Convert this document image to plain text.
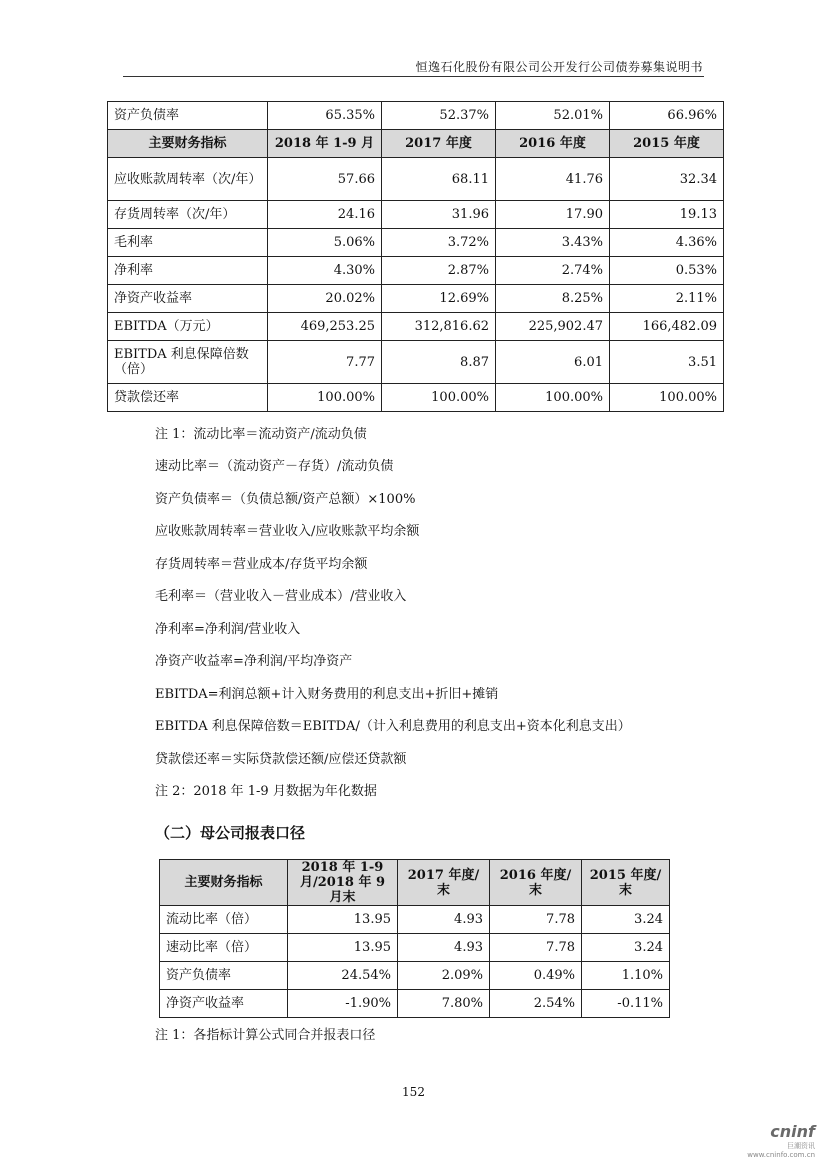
恒逸石化股份有限公司公开发行公司债券募集说明书
资产负债率	65.35%	52.37%	52.01%	66.96%
主要财务指标	2018 年 1-9 月	2017 年度	2016 年度	2015 年度
应收账款周转率（次/年）	57.66	68.11	41.76	32.34
存货周转率（次/年）	24.16	31.96	17.90	19.13
毛利率	5.06%	3.72%	3.43%	4.36%
净利率	4.30%	2.87%	2.74%	0.53%
净资产收益率	20.02%	12.69%	8.25%	2.11%
EBITDA（万元）	469,253.25	312,816.62	225,902.47	166,482.09
EBITDA 利息保障倍数（倍）	7.77	8.87	6.01	3.51
贷款偿还率	100.00%	100.00%	100.00%	100.00%
注 1：流动比率＝流动资产/流动负债
速动比率＝（流动资产－存货）/流动负债
资产负债率＝（负债总额/资产总额）×100%
应收账款周转率＝营业收入/应收账款平均余额
存货周转率＝营业成本/存货平均余额
毛利率＝（营业收入－营业成本）/营业收入
净利率=净利润/营业收入
净资产收益率=净利润/平均净资产
EBITDA=利润总额+计入财务费用的利息支出+折旧+摊销
EBITDA 利息保障倍数＝EBITDA/（计入利息费用的利息支出+资本化利息支出）
贷款偿还率＝实际贷款偿还额/应偿还贷款额
注 2：2018 年 1-9 月数据为年化数据
（二）母公司报表口径
主要财务指标	2018 年 1-9 月/2018 年 9 月末	2017 年度/末	2016 年度/末	2015 年度/末
流动比率（倍）	13.95	4.93	7.78	3.24
速动比率（倍）	13.95	4.93	7.78	3.24
资产负债率	24.54%	2.09%	0.49%	1.10%
净资产收益率	-1.90%	7.80%	2.54%	-0.11%
注 1：各指标计算公式同合并报表口径
152
cninf
巨潮资讯
www.cninfo.com.cn
